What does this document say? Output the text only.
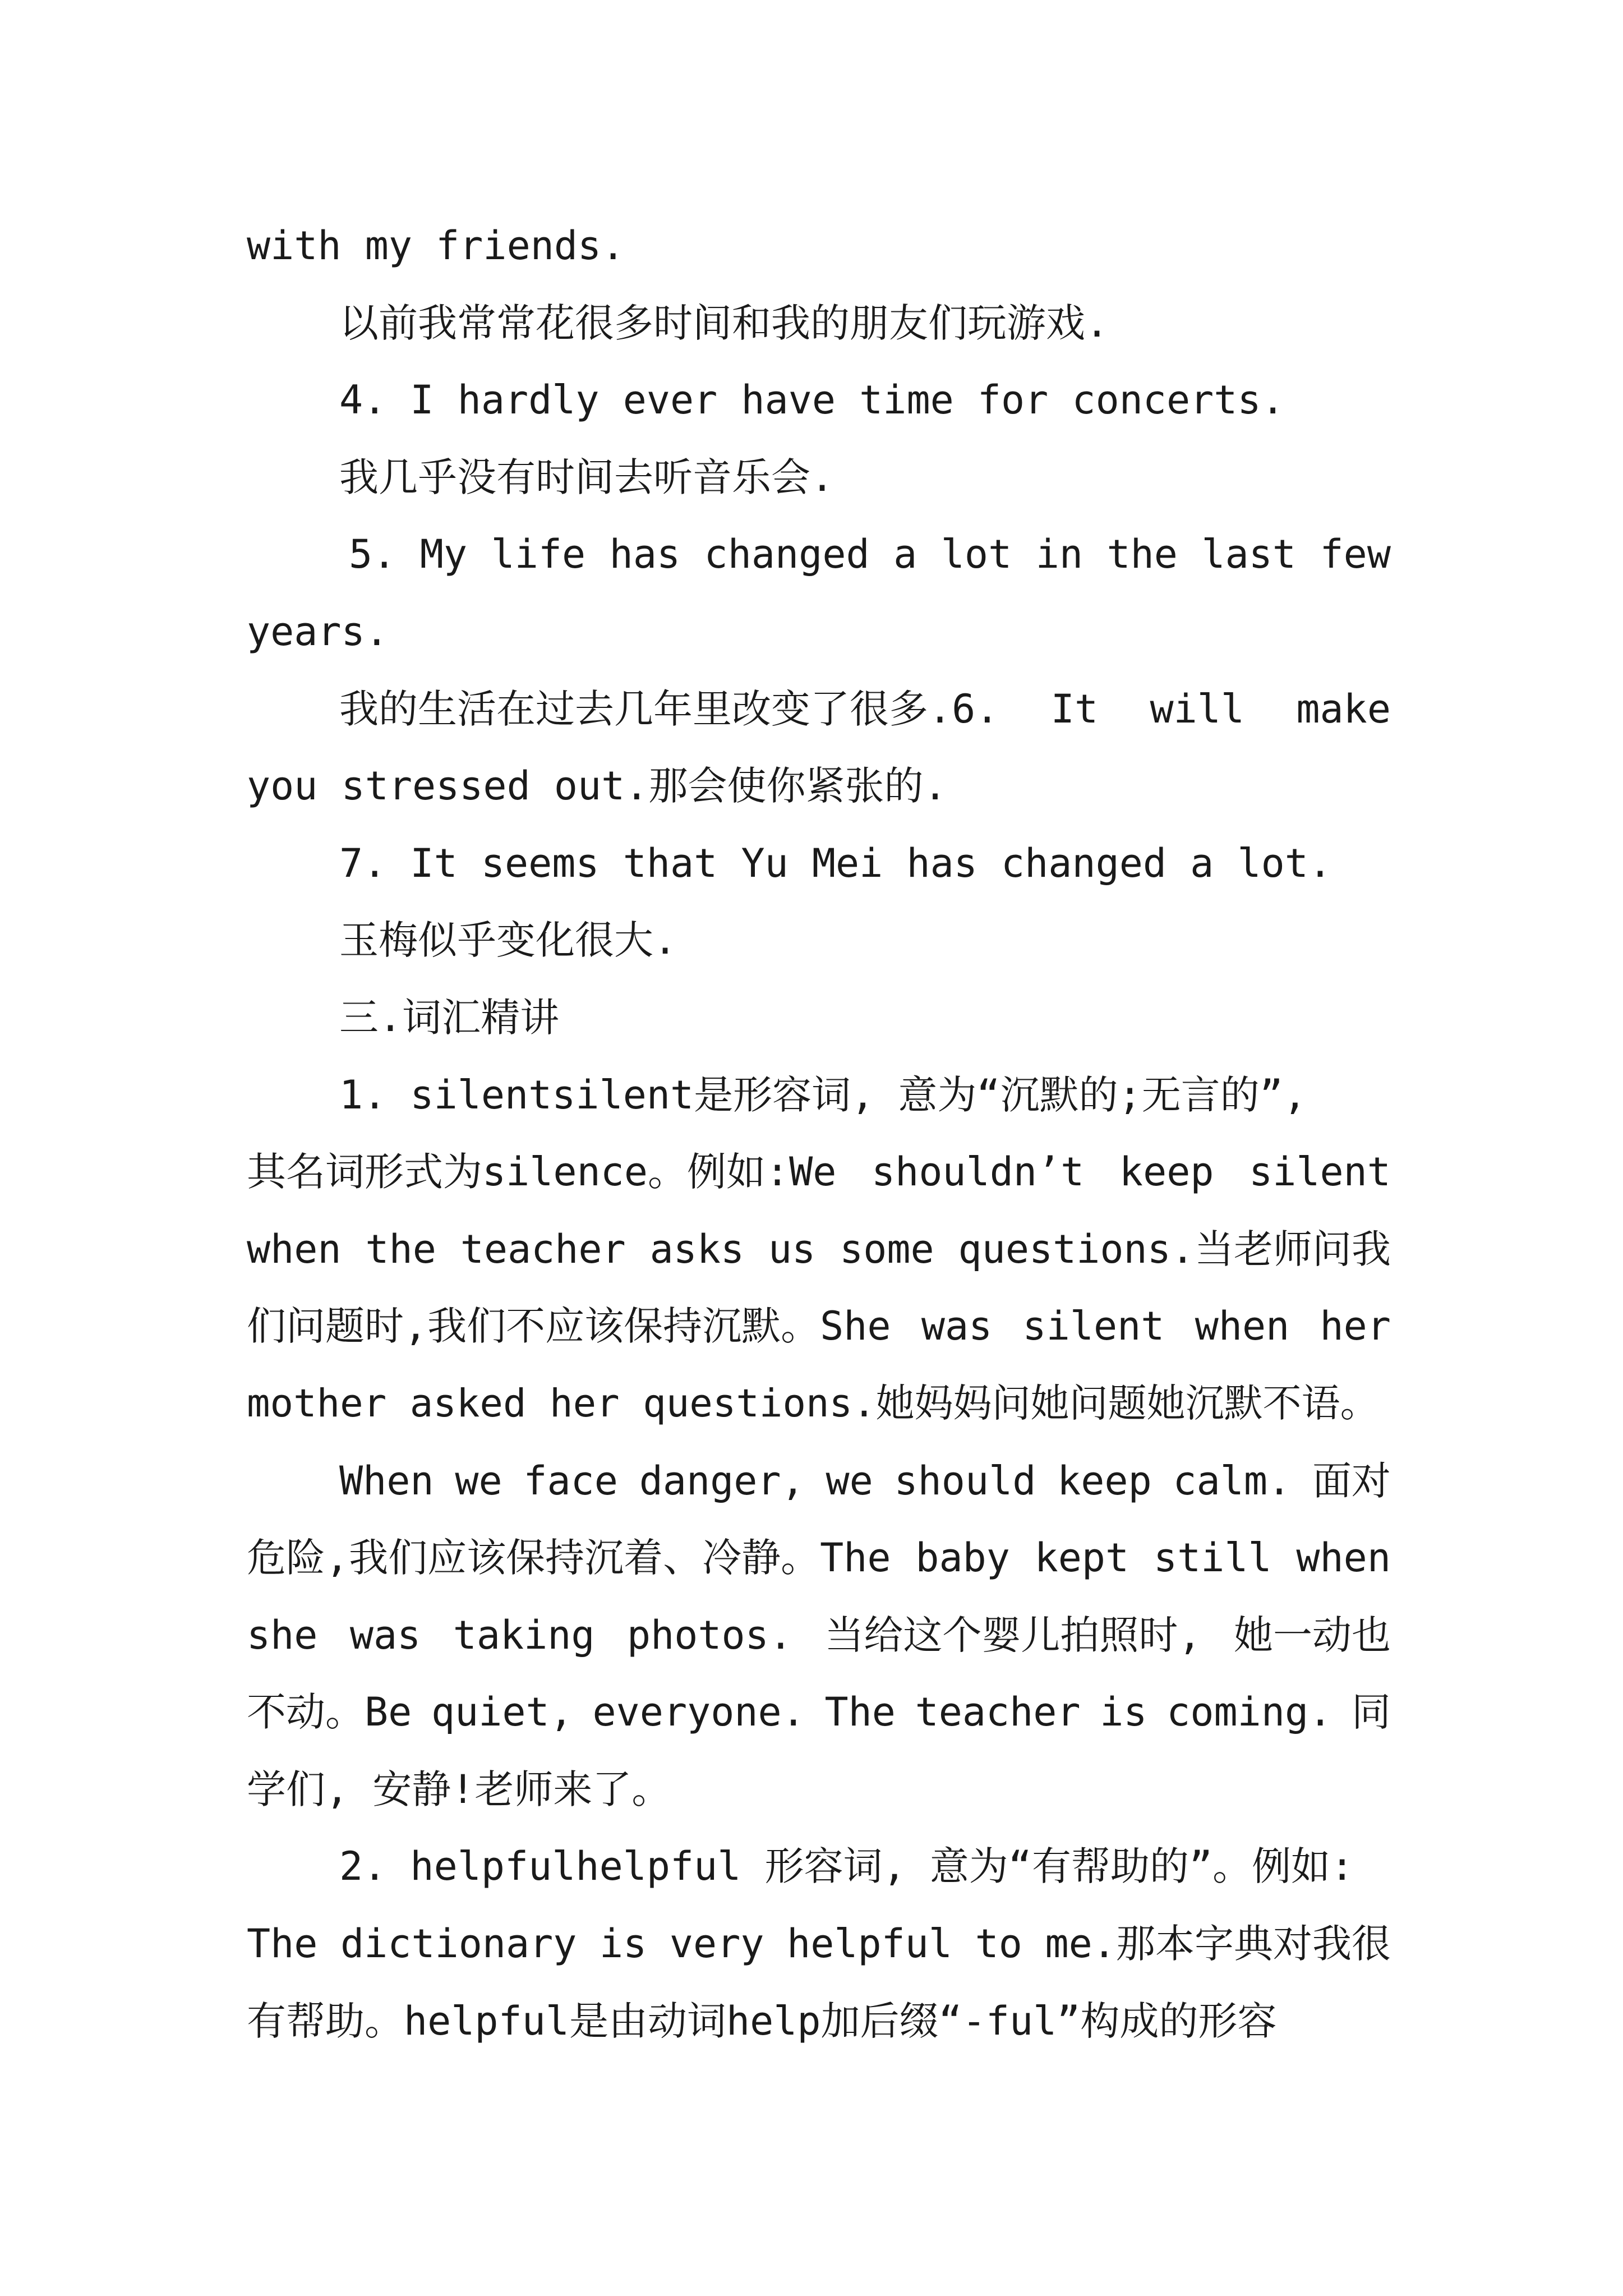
with my friends.

以前我常常花很多时间和我的朋友们玩游戏.

4. I hardly ever have time for concerts.

我几乎没有时间去听音乐会.

5. My life has changed a lot in the last few

years.

我的生活在过去几年里改变了很多.6. It will make

you stressed out.那会使你紧张的.

7. It seems that Yu Mei has changed a lot.

玉梅似乎变化很大.

三.词汇精讲

1. silentsilent是形容词, 意为“沉默的;无言的”,

其名词形式为silence。例如:We shouldn’t keep silent

when the teacher asks us some questions.当老师问我

们问题时,我们不应该保持沉默。She was silent when her

mother asked her questions.她妈妈问她问题她沉默不语。

When we face danger, we should keep calm. 面对

危险,我们应该保持沉着、冷静。The baby kept still when

she was taking photos. 当给这个婴儿拍照时, 她一动也

不动。Be quiet, everyone. The teacher is coming. 同

学们, 安静!老师来了。

2. helpfulhelpful 形容词, 意为“有帮助的”。例如:

The dictionary is very helpful to me.那本字典对我很

有帮助。helpful是由动词help加后缀“-ful”构成的形容
